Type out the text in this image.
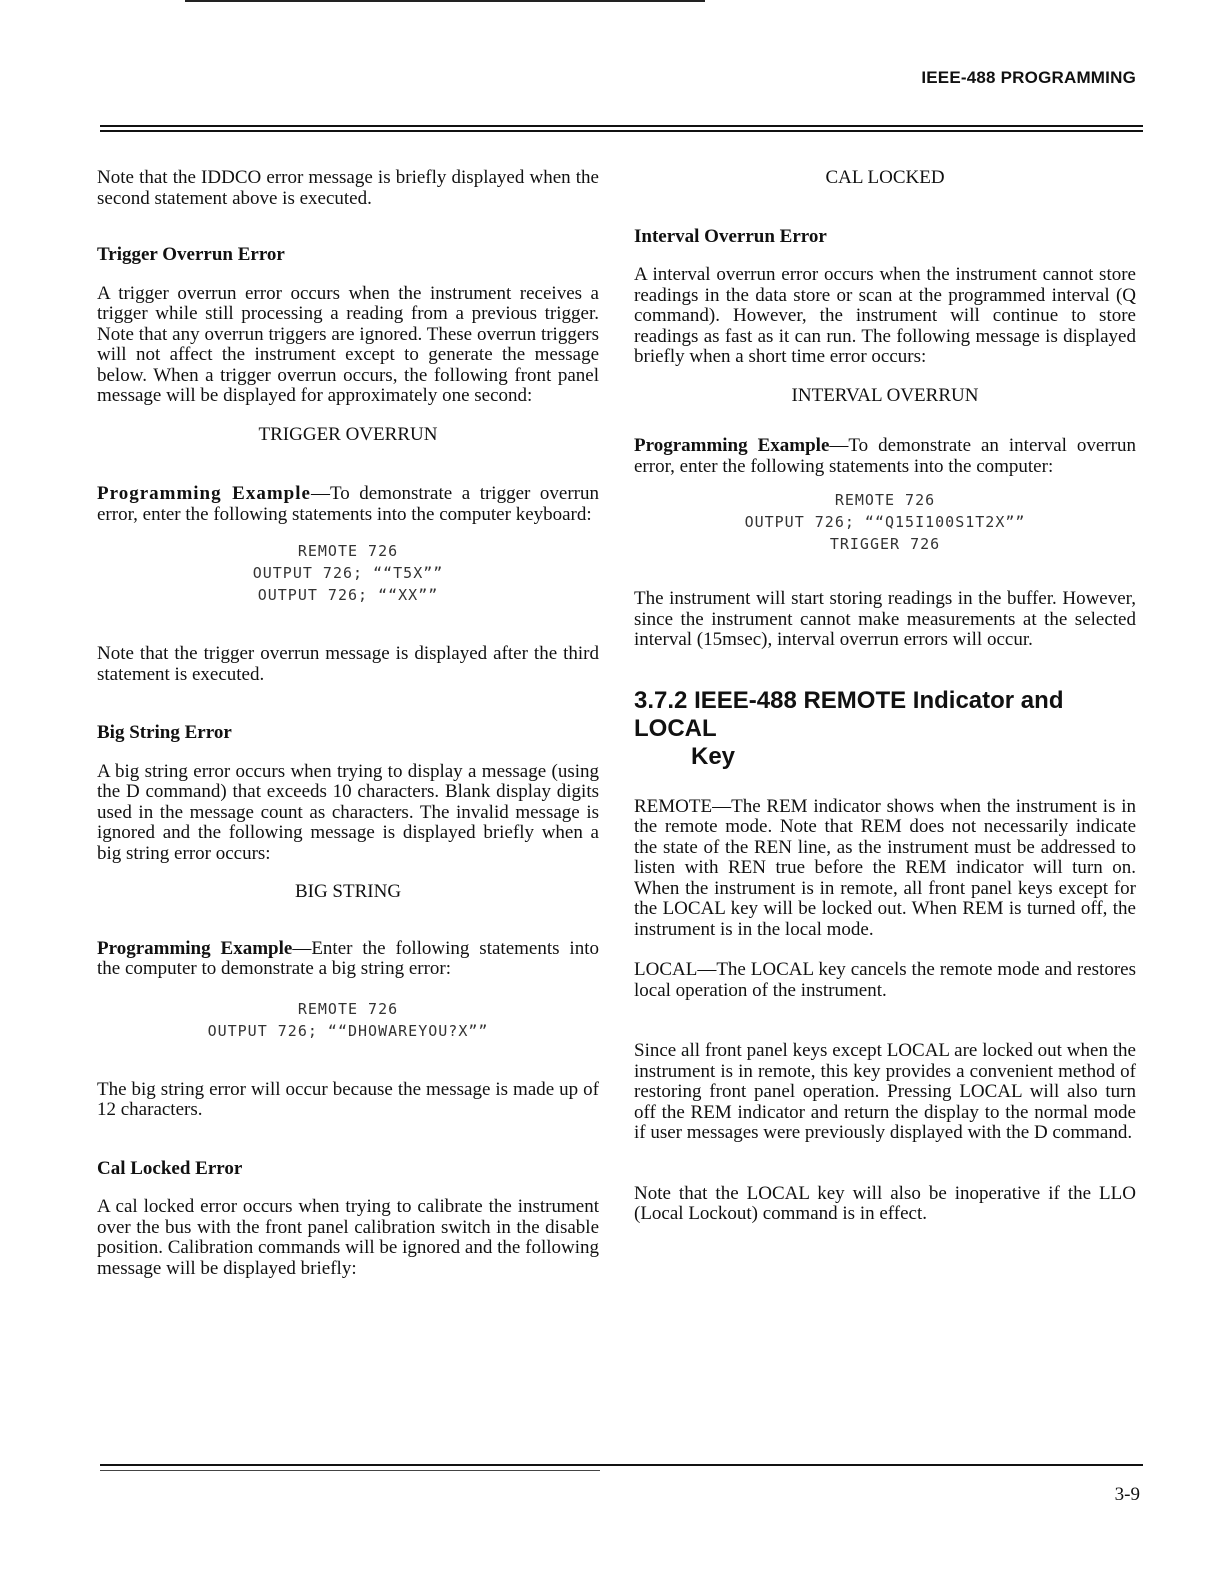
IEEE-488 PROGRAMMING

Note that the IDDCO error message is briefly displayed when the second statement above is executed.

Trigger Overrun Error

A trigger overrun error occurs when the instrument receives a trigger while still processing a reading from a previous trigger. Note that any overrun triggers are ignored. These overrun triggers will not affect the instrument except to generate the message below. When a trigger overrun occurs, the following front panel message will be displayed for approximately one second:

TRIGGER OVERRUN

Programming Example—To demonstrate a trigger overrun error, enter the following statements into the computer keyboard:

REMOTE 726
OUTPUT 726; ““T5X””
OUTPUT 726; ““XX””

Note that the trigger overrun message is displayed after the third statement is executed.

Big String Error

A big string error occurs when trying to display a message (using the D command) that exceeds 10 characters. Blank display digits used in the message count as characters. The invalid message is ignored and the following message is displayed briefly when a big string error occurs:

BIG STRING

Programming Example—Enter the following statements into the computer to demonstrate a big string error:

REMOTE 726
OUTPUT 726; ““DHOWAREYOU?X””

The big string error will occur because the message is made up of 12 characters.

Cal Locked Error

A cal locked error occurs when trying to calibrate the instrument over the bus with the front panel calibration switch in the disable position. Calibration commands will be ignored and the following message will be displayed briefly:

CAL LOCKED

Interval Overrun Error

A interval overrun error occurs when the instrument cannot store readings in the data store or scan at the programmed interval (Q command). However, the instrument will continue to store readings as fast as it can run. The following message is displayed briefly when a short time error occurs:

INTERVAL OVERRUN

Programming Example—To demonstrate an interval overrun error, enter the following statements into the computer:

REMOTE 726
OUTPUT 726; ““Q15I100S1T2X””
TRIGGER 726

The instrument will start storing readings in the buffer. However, since the instrument cannot make measurements at the selected interval (15msec), interval overrun errors will occur.

3.7.2 IEEE-488 REMOTE Indicator and LOCAL
Key

REMOTE—The REM indicator shows when the instrument is in the remote mode. Note that REM does not necessarily indicate the state of the REN line, as the instrument must be addressed to listen with REN true before the REM indicator will turn on. When the instrument is in remote, all front panel keys except for the LOCAL key will be locked out. When REM is turned off, the instrument is in the local mode.

LOCAL—The LOCAL key cancels the remote mode and restores local operation of the instrument.

Since all front panel keys except LOCAL are locked out when the instrument is in remote, this key provides a convenient method of restoring front panel operation. Pressing LOCAL will also turn off the REM indicator and return the display to the normal mode if user messages were previously displayed with the D command.

Note that the LOCAL key will also be inoperative if the LLO (Local Lockout) command is in effect.

3-9
